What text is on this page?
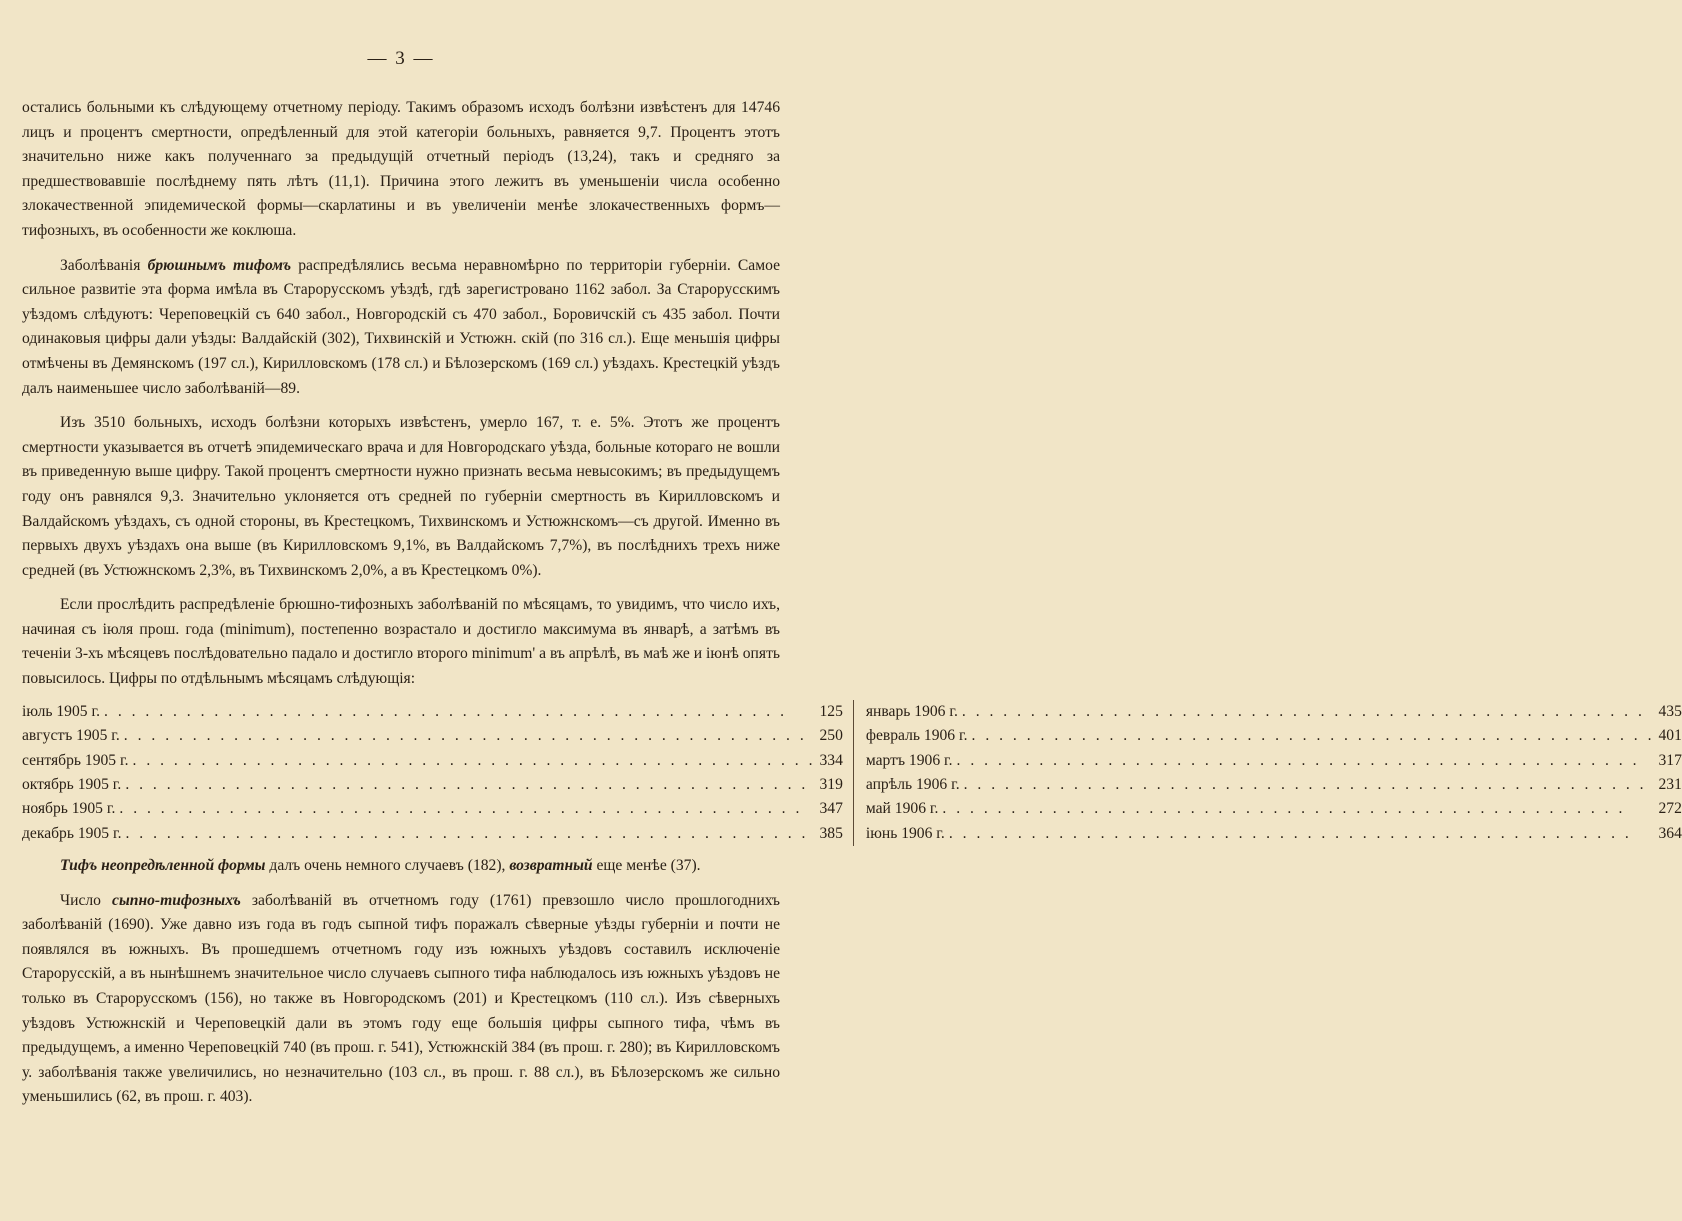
— 3 —

остались больными къ слѣдующему отчетному періоду. Такимъ образомъ исходъ болѣзни извѣстенъ для 14746 лицъ и процентъ смертности, опредѣленный для этой категоріи больныхъ, равняется 9,7. Процентъ этотъ значительно ниже какъ полученнаго за предыдущій отчетный періодъ (13,24), такъ и средняго за предшествовавшіе послѣднему пять лѣтъ (11,1). Причина этого лежитъ въ уменьшеніи числа особенно злокачественной эпидемической формы—скарлатины и въ увеличеніи менѣе злокачественныхъ формъ—тифозныхъ, въ особенности же коклюша.

Заболѣванія брюшнымъ тифомъ распредѣлялись весьма неравномѣрно по территоріи губерніи. Самое сильное развитіе эта форма имѣла въ Старорусскомъ уѣздѣ, гдѣ зарегистровано 1162 забол. За Старорусскимъ уѣздомъ слѣдуютъ: Череповецкій съ 640 забол., Новгородскій съ 470 забол., Боровичскій съ 435 забол. Почти одинаковыя цифры дали уѣзды: Валдайскій (302), Тихвинскій и Устюжн. скій (по 316 сл.). Еще меньшія цифры отмѣчены въ Демянскомъ (197 сл.), Кирилловскомъ (178 сл.) и Бѣлозерскомъ (169 сл.) уѣздахъ. Крестецкій уѣздъ далъ наименьшее число заболѣваній—89.

Изъ 3510 больныхъ, исходъ болѣзни которыхъ извѣстенъ, умерло 167, т. е. 5%. Этотъ же процентъ смертности указывается въ отчетѣ эпидемическаго врача и для Новгородскаго уѣзда, больные котораго не вошли въ приведенную выше цифру. Такой процентъ смертности нужно признать весьма невысокимъ; въ предыдущемъ году онъ равнялся 9,3. Значительно уклоняется отъ средней по губерніи смертность въ Кирилловскомъ и Валдайскомъ уѣздахъ, съ одной стороны, въ Крестецкомъ, Тихвинскомъ и Устюжнскомъ—съ другой. Именно въ первыхъ двухъ уѣздахъ она выше (въ Кирилловскомъ 9,1%, въ Валдайскомъ 7,7%), въ послѣднихъ трехъ ниже средней (въ Устюжнскомъ 2,3%, въ Тихвинскомъ 2,0%, а въ Крестецкомъ 0%).

Если прослѣдить распредѣленіе брюшно-тифозныхъ заболѣваній по мѣсяцамъ, то увидимъ, что число ихъ, начиная съ іюля прош. года (minimum), постепенно возрастало и достигло максимума въ январѣ, а затѣмъ въ теченіи 3-хъ мѣсяцевъ послѣдовательно падало и достигло второго minimum' а въ апрѣлѣ, въ маѣ же и іюнѣ опять повысилось. Цифры по отдѣльнымъ мѣсяцамъ слѣдующія:

іюль 1905 г. . . . 125	январь 1906 г. . . . 435

августъ 1905 г. . . . 250	февраль 1906 г. . . . 401

сентябрь 1905 г. . . . 334	мартъ 1906 г. . . . 317

октябрь 1905 г. . . . 319	апрѣль 1906 г. . . . 231

ноябрь 1905 г. . . . 347	май 1906 г. . . . 272

декабрь 1905 г. . . . 385	іюнь 1906 г. . . . 364

Тифъ неопредѣленной формы далъ очень немного случаевъ (182), возвратный еще менѣе (37).

Число сыпно-тифозныхъ заболѣваній въ отчетномъ году (1761) превзошло число прошлогоднихъ заболѣваній (1690). Уже давно изъ года въ годъ сыпной тифъ поражалъ сѣверные уѣзды губерніи и почти не появлялся въ южныхъ. Въ прошедшемъ отчетномъ году изъ южныхъ уѣздовъ составилъ исключеніе Старорусскій, а въ нынѣшнемъ значительное число случаевъ сыпного тифа наблюдалось изъ южныхъ уѣздовъ не только въ Старорусскомъ (156), но также въ Новгородскомъ (201) и Крестецкомъ (110 сл.). Изъ сѣверныхъ уѣздовъ Устюжнскій и Череповецкій дали въ этомъ году еще большія цифры сыпного тифа, чѣмъ въ предыдущемъ, а именно Череповецкій 740 (въ прош. г. 541), Устюжнскій 384 (въ прош. г. 280); въ Кирилловскомъ у. заболѣванія также увеличились, но незначительно (103 сл., въ прош. г. 88 сл.), въ Бѣлозерскомъ же сильно уменьшились (62, въ прош. г. 403).
